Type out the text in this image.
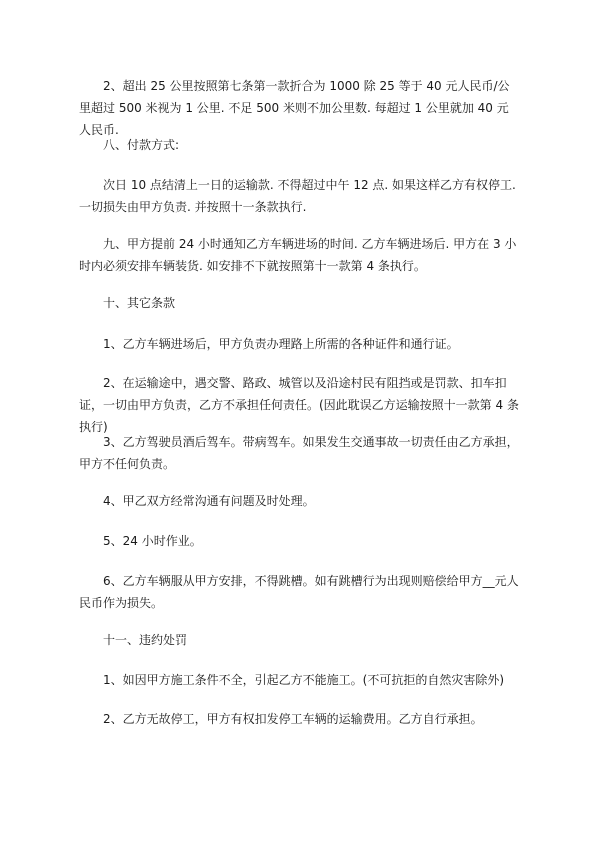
2、超出 25 公里按照第七条第一款折合为 1000 除 25 等于 40 元人民币/公里超过 500 米视为 1 公里. 不足 500 米则不加公里数. 每超过 1 公里就加 40 元人民币.

八、付款方式:

次日 10 点结清上一日的运输款. 不得超过中午 12 点. 如果这样乙方有权停工. 一切损失由甲方负责. 并按照十一条款执行.

九、甲方提前 24 小时通知乙方车辆进场的时间. 乙方车辆进场后. 甲方在 3 小时内必须安排车辆装货. 如安排不下就按照第十一款第 4 条执行。

十、其它条款

1、乙方车辆进场后，甲方负责办理路上所需的各种证件和通行证。

2、在运输途中，遇交警、路政、城管以及沿途村民有阻挡或是罚款、扣车扣证，一切由甲方负责，乙方不承担任何责任。(因此耽误乙方运输按照十一款第 4 条执行)

3、乙方驾驶员酒后驾车。带病驾车。如果发生交通事故一切责任由乙方承担，甲方不任何负责。

4、甲乙双方经常沟通有问题及时处理。

5、24 小时作业。

6、乙方车辆服从甲方安排，不得跳槽。如有跳槽行为出现则赔偿给甲方__元人民币作为损失。

十一、违约处罚

1、如因甲方施工条件不全，引起乙方不能施工。(不可抗拒的自然灾害除外)

2、乙方无故停工，甲方有权扣发停工车辆的运输费用。乙方自行承担。
